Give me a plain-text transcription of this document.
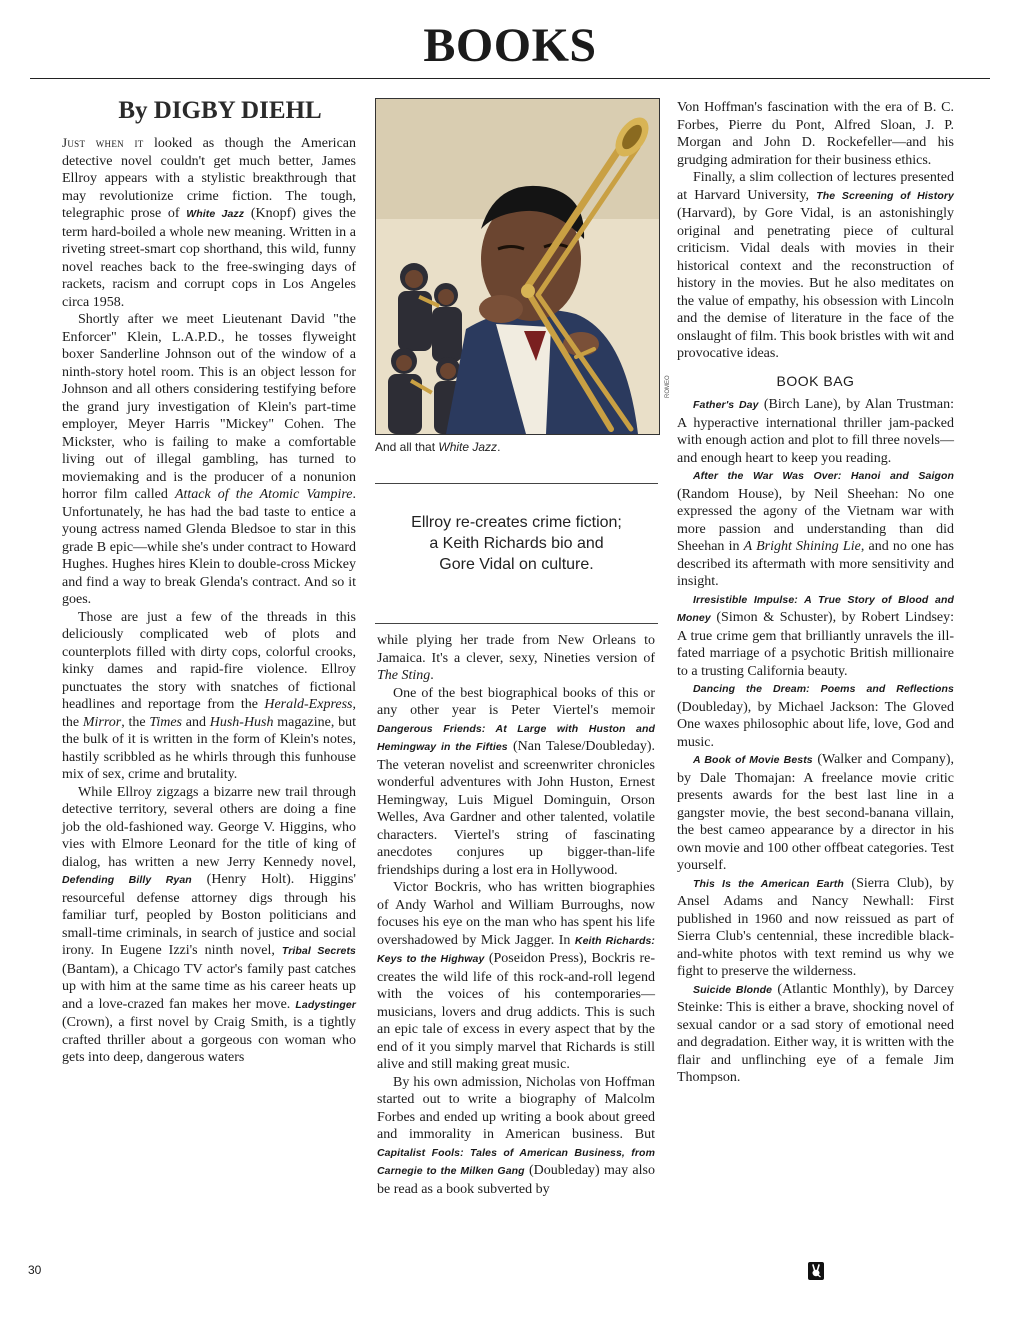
BOOKS
By DIGBY DIEHL

Just when it looked as though the American detective novel couldn't get much better, James Ellroy appears with a stylistic breakthrough that may revolutionize crime fiction. The tough, telegraphic prose of White Jazz (Knopf) gives the term hard-boiled a whole new meaning. Written in a riveting street-smart cop shorthand, this wild, funny novel reaches back to the free-swinging days of rackets, racism and corrupt cops in Los Angeles circa 1958.

Shortly after we meet Lieutenant David "the Enforcer" Klein, L.A.P.D., he tosses flyweight boxer Sanderline Johnson out of the window of a ninth-story hotel room. This is an object lesson for Johnson and all others considering testifying before the grand jury investigation of Klein's part-time employer, Meyer Harris "Mickey" Cohen. The Mickster, who is failing to make a comfortable living out of illegal gambling, has turned to moviemaking and is the producer of a nonunion horror film called Attack of the Atomic Vampire. Unfortunately, he has had the bad taste to entice a young actress named Glenda Bledsoe to star in this grade B epic—while she's under contract to Howard Hughes. Hughes hires Klein to double-cross Mickey and find a way to break Glenda's contract. And so it goes.

Those are just a few of the threads in this deliciously complicated web of plots and counterplots filled with dirty cops, colorful crooks, kinky dames and rapid-fire violence. Ellroy punctuates the story with snatches of fictional headlines and reportage from the Herald-Express, the Mirror, the Times and Hush-Hush magazine, but the bulk of it is written in the form of Klein's notes, hastily scribbled as he whirls through this funhouse mix of sex, crime and brutality.

While Ellroy zigzags a bizarre new trail through detective territory, several others are doing a fine job the old-fashioned way. George V. Higgins, who vies with Elmore Leonard for the title of king of dialog, has written a new Jerry Kennedy novel, Defending Billy Ryan (Henry Holt). Higgins' resourceful defense attorney digs through his familiar turf, peopled by Boston politicians and small-time criminals, in search of justice and social irony. In Eugene Izzi's ninth novel, Tribal Secrets (Bantam), a Chicago TV actor's family past catches up with him at the same time as his career heats up and a love-crazed fan makes her move. Ladystinger (Crown), a first novel by Craig Smith, is a tightly crafted thriller about a gorgeous con woman who gets into deep, dangerous waters

ROMEO
And all that White Jazz.
Ellroy re-creates crime fiction;
a Keith Richards bio and
Gore Vidal on culture.

while plying her trade from New Orleans to Jamaica. It's a clever, sexy, Nineties version of The Sting.

One of the best biographical books of this or any other year is Peter Viertel's memoir Dangerous Friends: At Large with Huston and Hemingway in the Fifties (Nan Talese/Doubleday). The veteran novelist and screenwriter chronicles wonderful adventures with John Huston, Ernest Hemingway, Luis Miguel Dominguin, Orson Welles, Ava Gardner and other talented, volatile characters. Viertel's string of fascinating anecdotes conjures up bigger-than-life friendships during a lost era in Hollywood.

Victor Bockris, who has written biographies of Andy Warhol and William Burroughs, now focuses his eye on the man who has spent his life overshadowed by Mick Jagger. In Keith Richards: Keys to the Highway (Poseidon Press), Bockris re-creates the wild life of this rock-and-roll legend with the voices of his contemporaries—musicians, lovers and drug addicts. This is such an epic tale of excess in every aspect that by the end of it you simply marvel that Richards is still alive and still making great music.

By his own admission, Nicholas von Hoffman started out to write a biography of Malcolm Forbes and ended up writing a book about greed and immorality in American business. But Capitalist Fools: Tales of American Business, from Carnegie to the Milken Gang (Doubleday) may also be read as a book subverted by

Von Hoffman's fascination with the era of B. C. Forbes, Pierre du Pont, Alfred Sloan, J. P. Morgan and John D. Rockefeller—and his grudging admiration for their business ethics.

Finally, a slim collection of lectures presented at Harvard University, The Screening of History (Harvard), by Gore Vidal, is an astonishingly original and penetrating piece of cultural criticism. Vidal deals with movies in their historical context and the reconstruction of history in the movies. But he also meditates on the value of empathy, his obsession with Lincoln and the demise of literature in the face of the onslaught of film. This book bristles with wit and provocative ideas.

BOOK BAG

Father's Day (Birch Lane), by Alan Trustman: A hyperactive international thriller jam-packed with enough action and plot to fill three novels—and enough heart to keep you reading.

After the War Was Over: Hanoi and Saigon (Random House), by Neil Sheehan: No one expressed the agony of the Vietnam war with more passion and understanding than did Sheehan in A Bright Shining Lie, and no one has described its aftermath with more sensitivity and insight.

Irresistible Impulse: A True Story of Blood and Money (Simon & Schuster), by Robert Lindsey: A true crime gem that brilliantly unravels the ill-fated marriage of a psychotic British millionaire to a trusting California beauty.

Dancing the Dream: Poems and Reflections (Doubleday), by Michael Jackson: The Gloved One waxes philosophic about life, love, God and music.

A Book of Movie Bests (Walker and Company), by Dale Thomajan: A freelance movie critic presents awards for the best last line in a gangster movie, the best second-banana villain, the best cameo appearance by a director in his own movie and 100 other offbeat categories. Test yourself.

This Is the American Earth (Sierra Club), by Ansel Adams and Nancy Newhall: First published in 1960 and now reissued as part of Sierra Club's centennial, these incredible black-and-white photos with text remind us why we fight to preserve the wilderness.

Suicide Blonde (Atlantic Monthly), by Darcey Steinke: This is either a brave, shocking novel of sexual candor or a sad story of emotional need and degradation. Either way, it is written with the flair and unflinching eye of a female Jim Thompson.

30
